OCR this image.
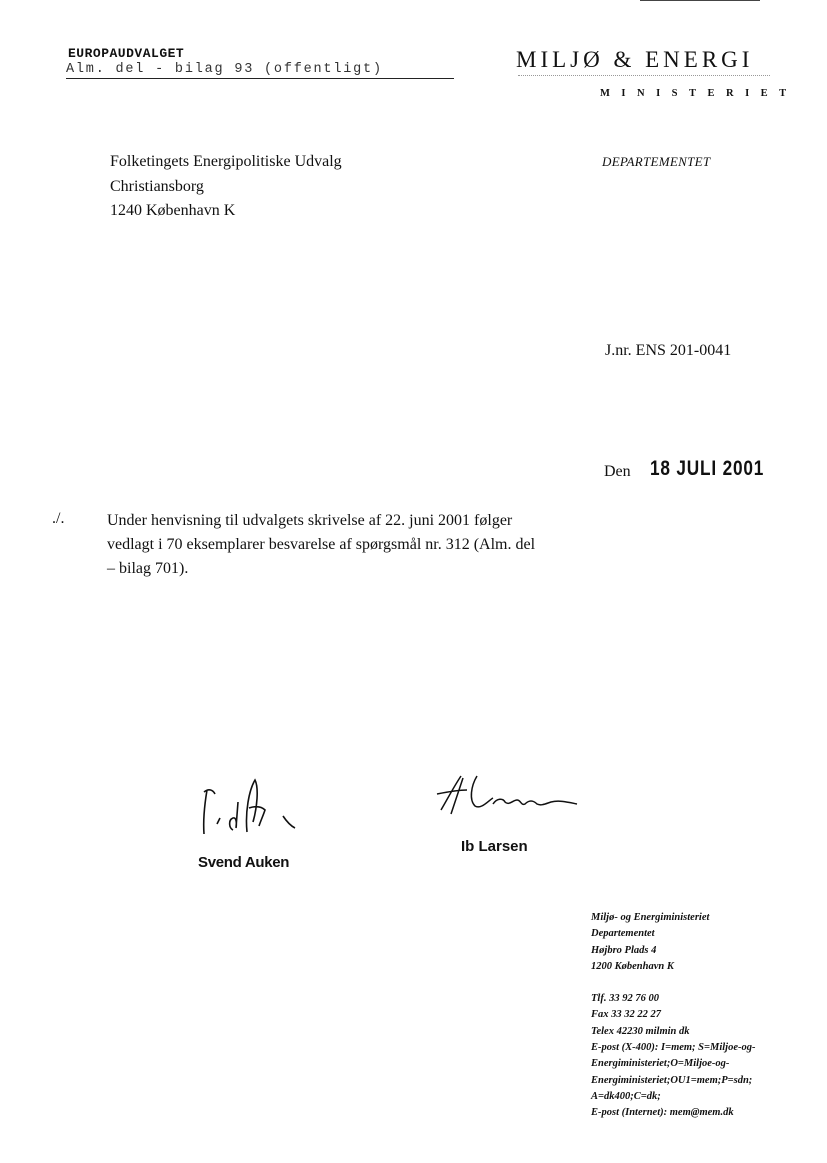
EUROPAUDVALGET
Alm. del - bilag 93 (offentligt)	MILJØ & ENERGI
MINISTERIET
Folketingets Energipolitiske Udvalg
Christiansborg
1240 København K
DEPARTEMENTET
J.nr. ENS 201-0041
Den 18 JULI 2001
./.	Under henvisning til udvalgets skrivelse af 22. juni 2001 følger
vedlagt i 70 eksemplarer besvarelse af spørgsmål nr. 312 (Alm. del
– bilag 701).
Svend Auken
Ib Larsen
Miljø- og Energiministeriet
Departementet
Højbro Plads 4
1200 København K
Tlf. 33 92 76 00
Fax 33 32 22 27
Telex 42230 milmin dk
E-post (X-400): I=mem; S=Miljoe-og-
Energiministeriet;O=Miljoe-og-
Energiministeriet;OU1=mem;P=sdn;
A=dk400;C=dk;
E-post (Internet): mem@mem.dk
